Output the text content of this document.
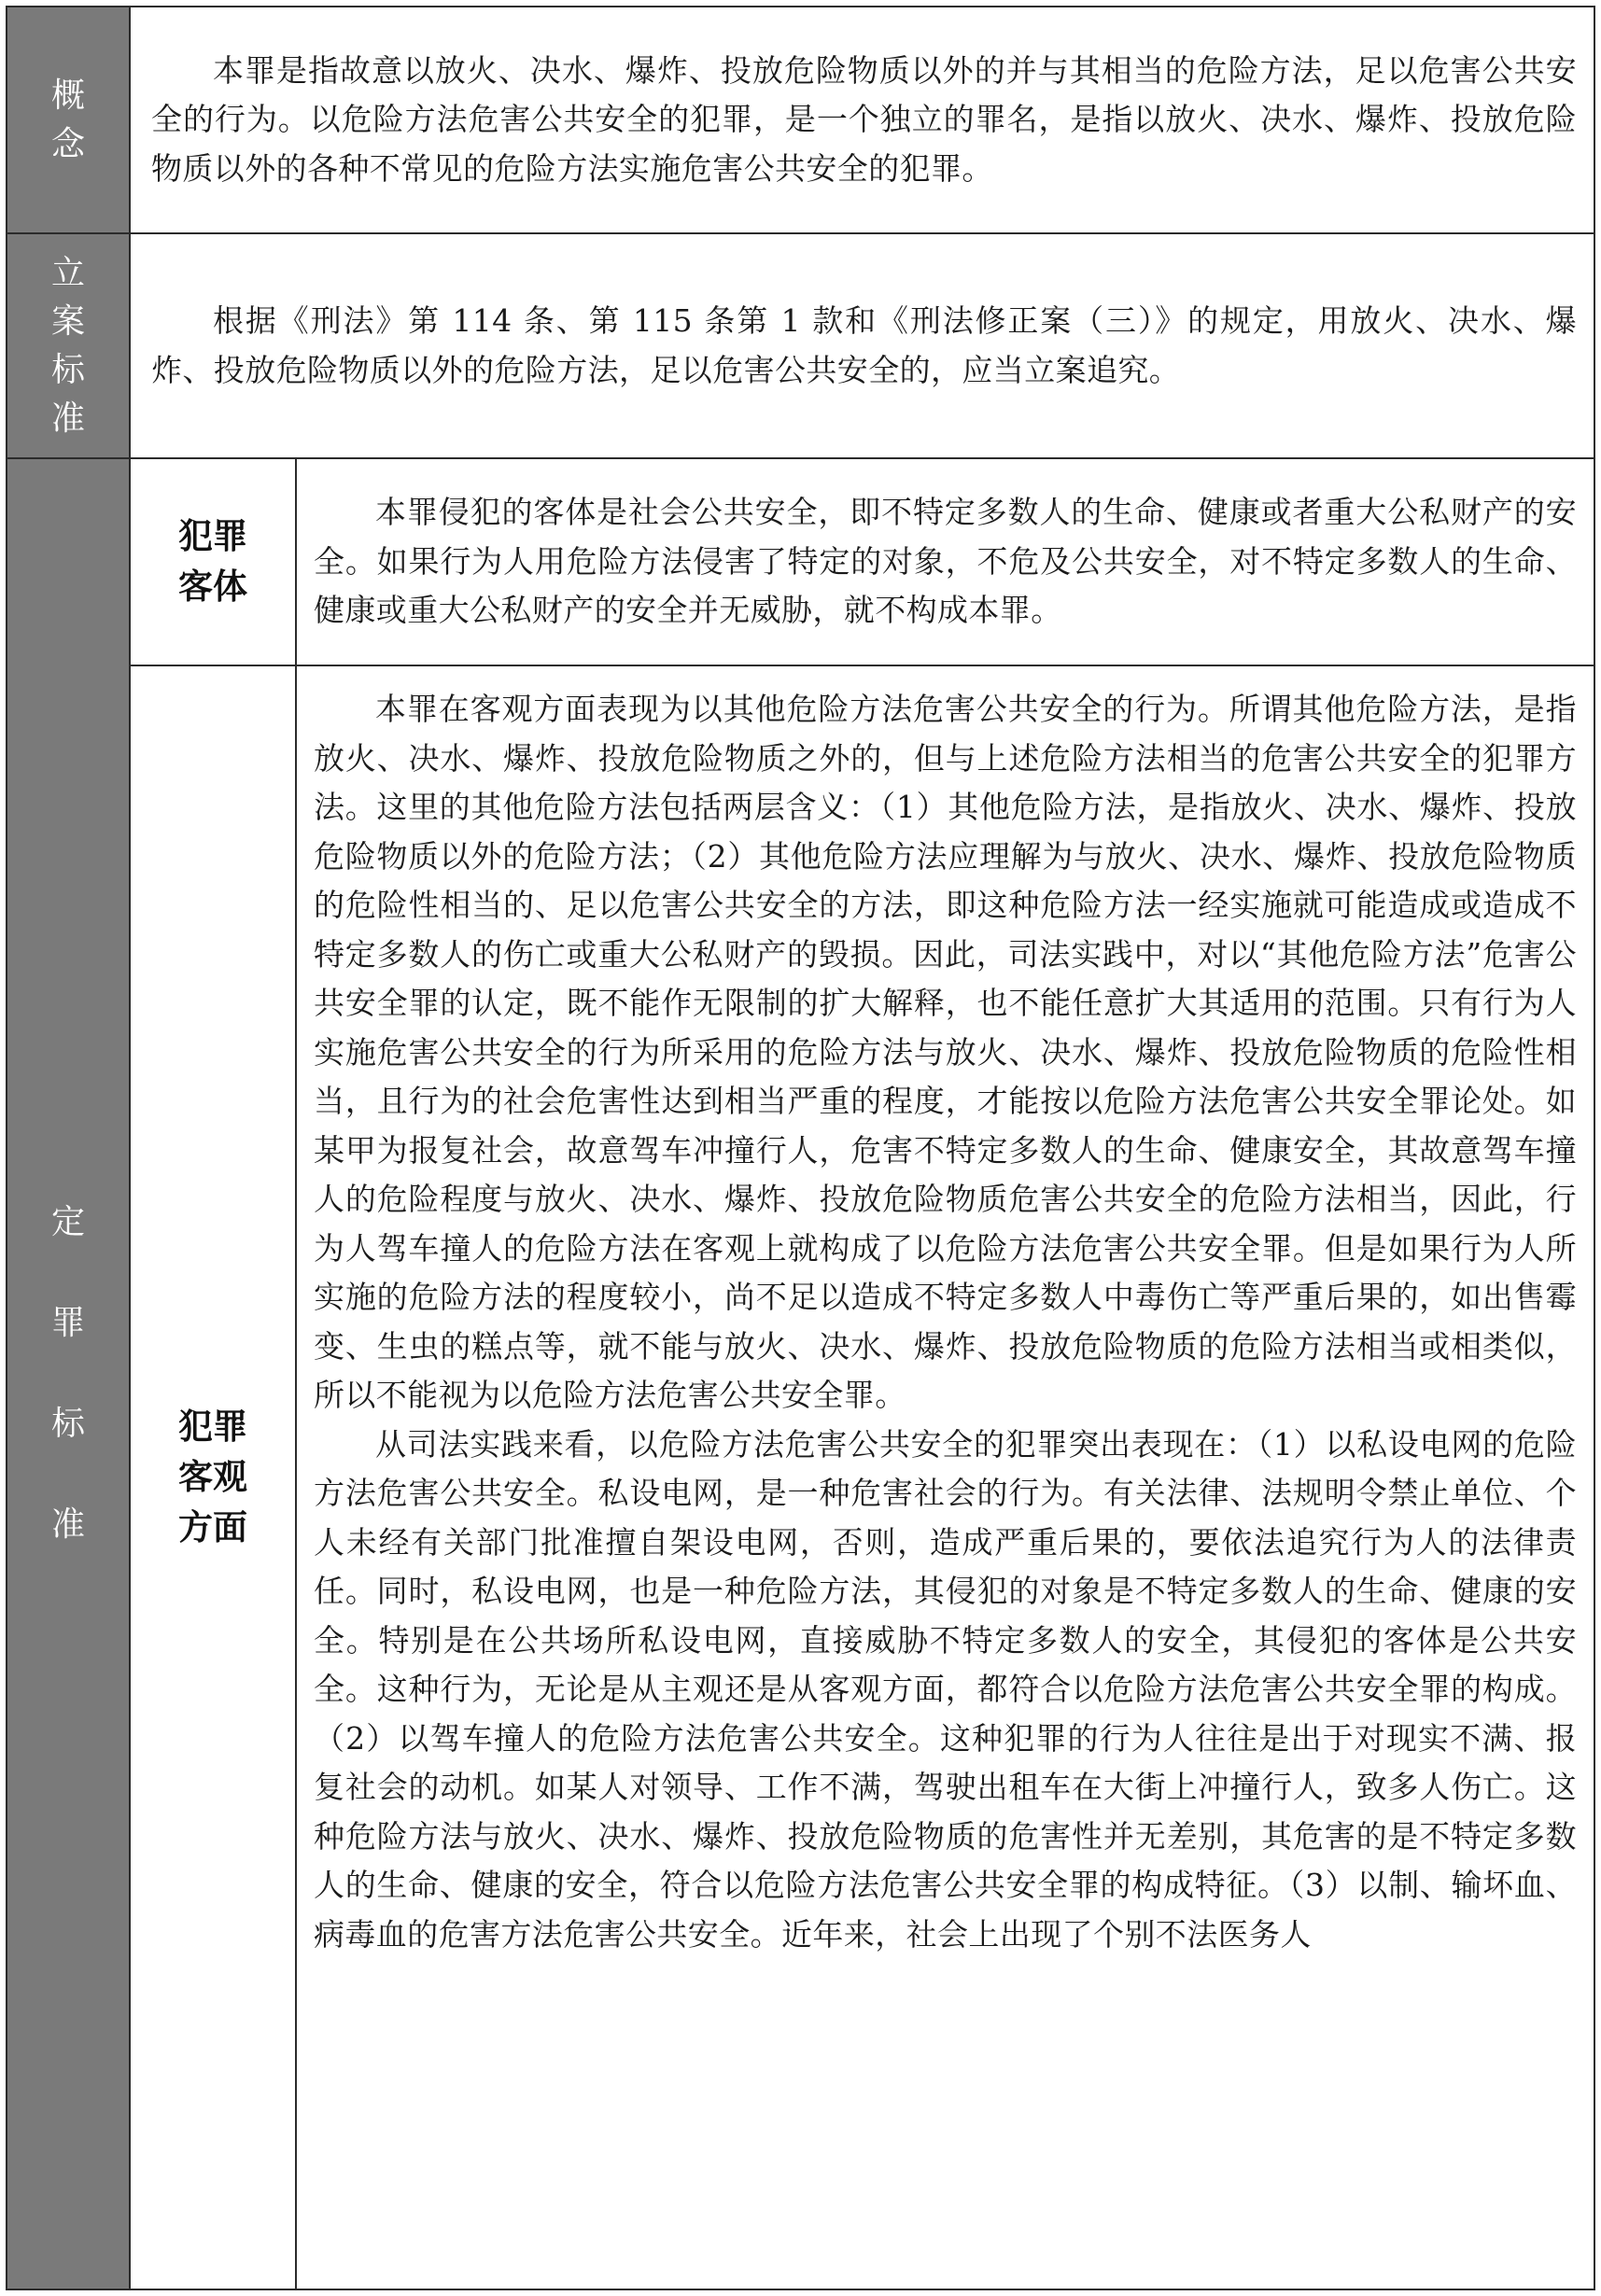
概念

本罪是指故意以放火、决水、爆炸、投放危险物质以外的并与其相当的危险方法，足以危害公共安全的行为。以危险方法危害公共安全的犯罪，是一个独立的罪名，是指以放火、决水、爆炸、投放危险物质以外的各种不常见的危险方法实施危害公共安全的犯罪。

立案标准

根据《刑法》第 114 条、第 115 条第 1 款和《刑法修正案（三）》的规定，用放火、决水、爆炸、投放危险物质以外的危险方法，足以危害公共安全的，应当立案追究。

定罪标准
犯罪客体

本罪侵犯的客体是社会公共安全，即不特定多数人的生命、健康或者重大公私财产的安全。如果行为人用危险方法侵害了特定的对象，不危及公共安全，对不特定多数人的生命、健康或重大公私财产的安全并无威胁，就不构成本罪。

犯罪客观方面

本罪在客观方面表现为以其他危险方法危害公共安全的行为。所谓其他危险方法，是指放火、决水、爆炸、投放危险物质之外的，但与上述危险方法相当的危害公共安全的犯罪方法。这里的其他危险方法包括两层含义：（1）其他危险方法，是指放火、决水、爆炸、投放危险物质以外的危险方法；（2）其他危险方法应理解为与放火、决水、爆炸、投放危险物质的危险性相当的、足以危害公共安全的方法，即这种危险方法一经实施就可能造成或造成不特定多数人的伤亡或重大公私财产的毁损。因此，司法实践中，对以“其他危险方法”危害公共安全罪的认定，既不能作无限制的扩大解释，也不能任意扩大其适用的范围。只有行为人实施危害公共安全的行为所采用的危险方法与放火、决水、爆炸、投放危险物质的危险性相当，且行为的社会危害性达到相当严重的程度，才能按以危险方法危害公共安全罪论处。如某甲为报复社会，故意驾车冲撞行人，危害不特定多数人的生命、健康安全，其故意驾车撞人的危险程度与放火、决水、爆炸、投放危险物质危害公共安全的危险方法相当，因此，行为人驾车撞人的危险方法在客观上就构成了以危险方法危害公共安全罪。但是如果行为人所实施的危险方法的程度较小，尚不足以造成不特定多数人中毒伤亡等严重后果的，如出售霉变、生虫的糕点等，就不能与放火、决水、爆炸、投放危险物质的危险方法相当或相类似，所以不能视为以危险方法危害公共安全罪。

从司法实践来看，以危险方法危害公共安全的犯罪突出表现在：（1）以私设电网的危险方法危害公共安全。私设电网，是一种危害社会的行为。有关法律、法规明令禁止单位、个人未经有关部门批准擅自架设电网，否则，造成严重后果的，要依法追究行为人的法律责任。同时，私设电网，也是一种危险方法，其侵犯的对象是不特定多数人的生命、健康的安全。特别是在公共场所私设电网，直接威胁不特定多数人的安全，其侵犯的客体是公共安全。这种行为，无论是从主观还是从客观方面，都符合以危险方法危害公共安全罪的构成。（2）以驾车撞人的危险方法危害公共安全。这种犯罪的行为人往往是出于对现实不满、报复社会的动机。如某人对领导、工作不满，驾驶出租车在大街上冲撞行人，致多人伤亡。这种危险方法与放火、决水、爆炸、投放危险物质的危害性并无差别，其危害的是不特定多数人的生命、健康的安全，符合以危险方法危害公共安全罪的构成特征。（3）以制、输坏血、病毒血的危害方法危害公共安全。近年来，社会上出现了个别不法医务人
